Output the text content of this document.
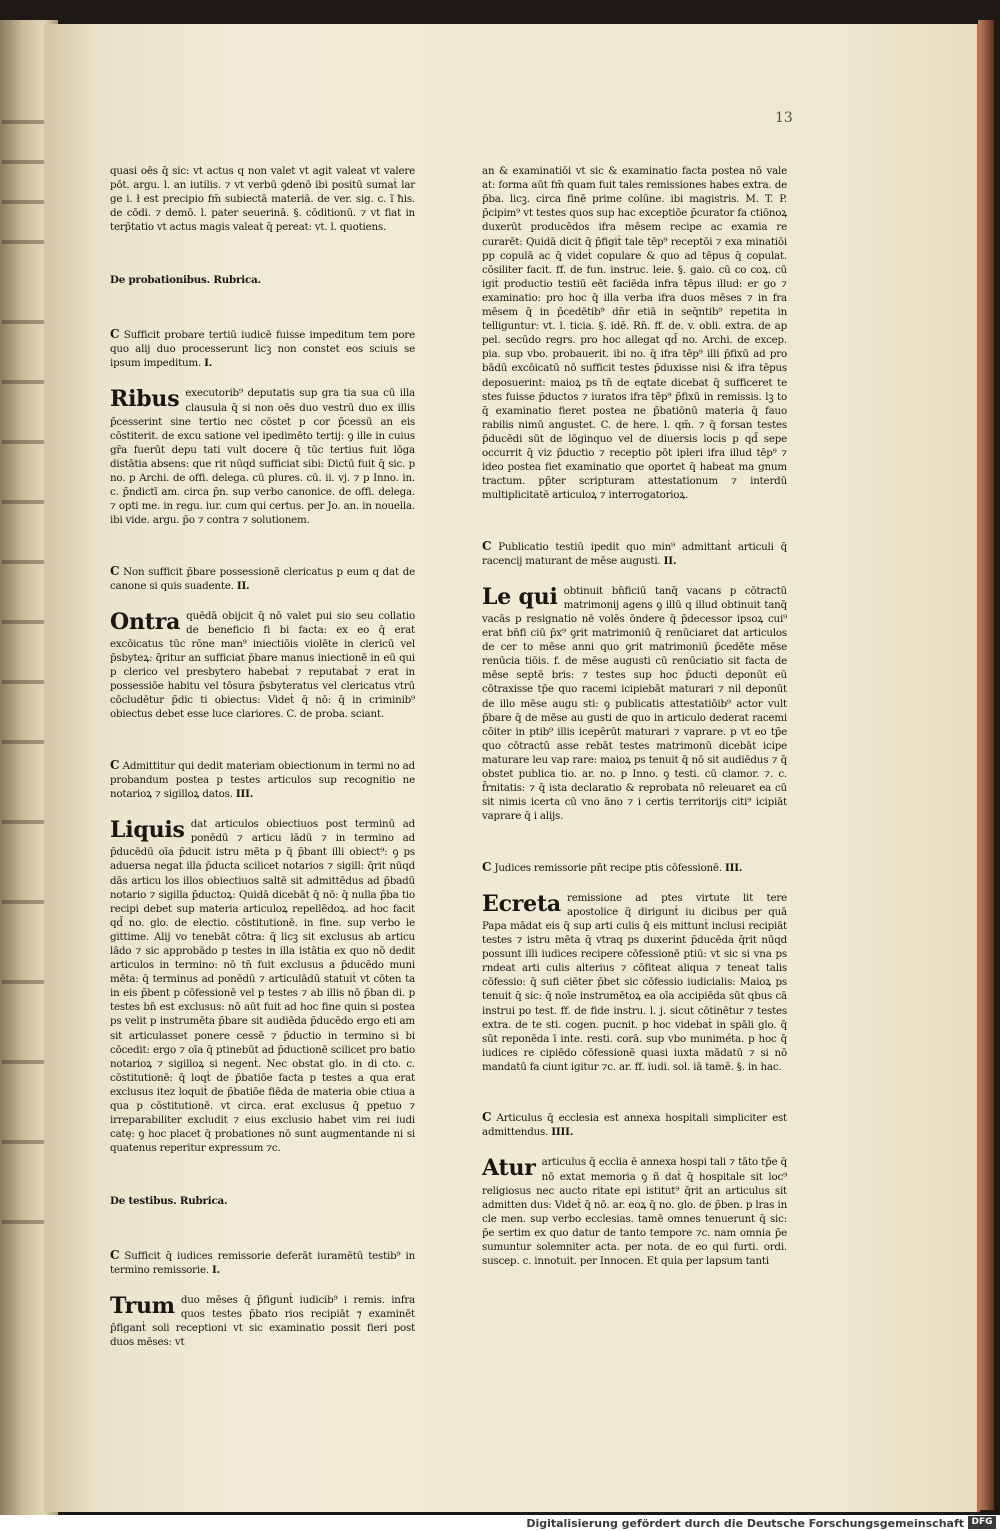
13

quasi oēs q̄ sic: vt actus q non valet vt agit valeat vt valere pōt. argu. l. an iutilis. ⁊ vt verbū ꝯdenō ibi positū sumaṫ lar ge i. ł est precipio fm̄ subiectā materiā. de ver. sig. c. ĩ ħis. de cōdi. ⁊ demō. l. pater seuerinā. §. cōditionū. ⁊ vt fiat in terp̄tatio vt actus magis valeat q̄ pereat: vt. l. quotiens.

De probationibus. Rubrica.

C Sufficit probare tertiū iudicē fuisse impeditum tem pore quo alij duo processerunt licꝫ non constet eos sciuis se ipsum impeditum. I.

Ribus executorib⁹ deputatis sup gra tia sua cū illa clausula q̄ si non oēs duo vestrū duo ex illis p̄cesserint sine tertio nec cōstet p cor p̄cessū an eis cōstiterit. de excu satione vel ipedimēto tertij: ꝯ ille in cuius gr̄a fuerūt depu tati vult docere q̄ tūc tertius fuit lōga distātia absens: que rit nūqd sufficiat sibi: Dictū fuit q̄ sic. p no. p Archi. de offi. delega. cū plures. cū. ii. vj. ⁊ p Inno. in. c. p̄ndictī am. circa p̄n. sup verbo canonice. de offi. delega. ⁊ opti me. in regu. iur. cum qui certus. per Jo. an. in nouella. ibi vide. argu. p̄o ⁊ contra ⁊ solutionem.

C Non sufficit p̄bare possessionē clericatus p eum q dat de canone si quis suadente. II.

Ontra quēdā obijcit q̄ nō valet pui sio seu collatio de beneficio fi bi facta: ex eo q̄ erat excōicatus tūc rōne man⁹ iniectiōis violēte in clericū vel p̄sbyteꝝ: q̄ritur an sufficiat p̄bare manus iniectionē in eū qui p clerico vel presbytero habebaṫ ⁊ reputabaṫ ⁊ erat in possessiōe habitu vel tōsura p̄sbyteratus vel clericatus vtrū cōcludētur p̄dic ti obiectus: Videṫ q̄ nō: q̄ in criminib⁹ obiectus debet esse luce clariores. C. de proba. sciant.

C Admittitur qui dedit materiam obiectionum in termi no ad probandum postea p testes articulos sup recognitio ne notarioꝝ ⁊ sigilloꝝ datos. III.

Liquis dat articulos obiectiuos post terminū ad ponēdū ⁊ articu lādū ⁊ in termino ad p̄ducēdū oīa p̄ducit istru mēta p q̄ p̄bant illi obiect⁹: ꝯ ps aduersa negat illa p̄ducta scilicet notarios ⁊ sigill: q̄rit nūqd dās articu los illos obiectiuos saltē sit admittēdus ad p̄badū notario ⁊ sigilla p̄ductoꝝ: Quidā dicebāt q̄ nō: q̄ nulla p̄ba tio recipi debet sup materia articuloꝝ repellēdoꝝ. ad hoc facit qd̄ no. glo. de electio. cōstitutionē. in fine. sup verbo le gittime. Alij vo tenebāt cōtra: q̄ licꝫ sit exclusus ab articu lādo ⁊ sic approbādo p testes in illa istātia ex quo nō dedit articulos in termino: nō tn̄ fuit exclusus a p̄ducēdo muni mēta: q̄ terminus ad ponēdū ⁊ articulādū statuiṫ vt cōten ta in eis p̄bent p cōfessionē vel p testes ⁊ ab illis nō p̄ban di. p testes bn̄ est exclusus: nō aūt fuit ad hoc fine quin si postea ps velit p instrumēta p̄bare sit audiēda p̄ducēdo ergo eti am sit articulasset ponere cessē ⁊ p̄ductio in termino si bi cōcedit: ergo ⁊ oīa q̄ ptinebūt ad p̄ductionē scilicet pro batio notarioꝝ ⁊ sigilloꝝ si negenṫ. Nec obstat glo. in di cto. c. cōstitutionē: q̄ loqṫ de p̄batiōe facta p testes a qua erat exclusus itez loquiṫ de p̄batiōe fiēda de materia obie ctiua a qua p cōstitutionē. vt circa. erat exclusus q̄ ppetuo ⁊ irreparabiliter excludit ⁊ eius exclusio habet vim rei iudi catę: ꝯ hoc placet q̄ probationes nō sunt augmentande ni si quatenus reperitur expressum ⁊c.

De testibus. Rubrica.

C Sufficit q̄ iudices remissorie deferāt iuramētū testib⁹ in termino remissorie. I.

Trum duo mēses q̄ p̄figunṫ iudicib⁹ i remis. infra quos testes p̄bato rios recipiāt ⁊ examinēt p̄figanṫ soli receptioni vt sic examinatio possit fieri post duos mēses: vt

an & examinatiōi vt sic & examinatio facta postea nō vale at: forma aūt fm̄ quam fuit tales remissiones habes extra. de p̄ba. licꝫ. circa finē prime colūne. ibi magistris. M. T. P. p̄cipim⁹ vt testes quos sup hac exceptiōe p̄curator fa ctiōnoꝝ duxerūt producēdos ifra mēsem recipe ac examia re curarēt: Quidā dicit q̄ p̄figiṫ tale tēp⁹ receptōi ⁊ exa minatiōi pp copulā ac q̄ videṫ copulare & quo ad tēpus q̄ copulat. cōsiliter facit. ff. de fun. instruc. leie. §. gaio. cū co coꝝ. cū igiṫ productio testiū eēt faciēda infra tēpus illud: er go ⁊ examinatio: pro hoc q̄ illa verba ifra duos mēses ⁊ in fra mēsem q̄ in p̄cedētib⁹ dn̄r etiā in seq̄ntib⁹ repetita in telliguntur: vt. l. ticia. §. idē. Rn̄. ff. de. v. obli. extra. de ap pel. secūdo regrs. pro hoc allegat qd̄ no. Archi. de excep. pia. sup vbo. probauerit. ibi no. q̄ ifra tēp⁹ illi p̄fixū ad pro bādū excōicatū nō sufficit testes p̄duxisse nisi & ifra tēpus deposuerint: maioꝝ ps tn̄ de eqtate dicebat q̄ sufficeret te stes fuisse p̄ductos ⁊ iuratos ifra tēp⁹ p̄fixū in remissis. lꝫ to q̄ examinatio fieret postea ne p̄batiōnū materia q̄ fauo rabilis nimū angustet. C. de here. l. qm̄. ⁊ q̄ forsan testes p̄ducēdi sūt de lōginquo vel de diuersis locis p qd̄ sepe occurrit q̄ viz p̄ductio ⁊ receptio pōt ipleri ifra illud tēp⁹ ⁊ ideo postea fiet examinatio que oportet q̄ habeat ma gnum tractum. pp̄ter scripturam attestationum ⁊ interdū multiplicitatē articuloꝝ ⁊ interrogatorioꝝ.

C Publicatio testiū ipedit quo min⁹ admittanṫ articuli q̄ racencij maturant de mēse augusti. II.

Le qui obtinuit bn̄ficiū tanq̄ vacans p cōtractū matrimonij agens ꝯ illū q illud obtinuit tanq̄ vacās p resignatio nē volēs ōndere q̄ p̄decessor ipsoꝝ cui⁹ erat bn̄fi ciū p̄x⁹ ꝯrit matrimoniū q̄ renūciaret dat articulos de cer to mēse anni quo ꝯrit matrimoniū p̄cedēte mēse renūcia tiōis. f. de mēse augusti cū renūciatio sit facta de mēse septē bris: ⁊ testes sup hoc p̄ducti deponūt eū cōtraxisse tp̄e quo racemi icipiebāt maturari ⁊ nil deponūt de illo mēse augu sti: ꝯ publicatis attestatiōib⁹ actor vult p̄bare q̄ de mēse au gusti de quo in articulo dederat racemi cōiter in ptib⁹ illis icepērūt maturari ⁊ vaprare. p vt eo tp̄e quo cōtractū asse rebāt testes matrimonū dicebāt icipe maturare leu vap rare: maioꝝ ps tenuit q̄ nō sit audiēdus ⁊ q̄ obstet publica tio. ar. no. p Inno. ꝯ testi. cū clamor. ⁊. c. f̄rnitatis: ⁊ q̄ ista declaratio & reprobata nō releuaret ea cū sit nimis icerta cū vno āno ⁊ i certis territorijs citi⁹ icipiāt vaprare q̄ i alijs.

C Judices remissorie pn̄t recipe ptis cōfessionē. III.

Ecreta remissione ad ptes virtute lit tere apostolice q̄ dirigunṫ iu dicibus per quā Papa mādat eis q̄ sup arti culis q̄ eis mittunṫ inclusi recipiāt testes ⁊ istru mēta q̄ vtraq ps duxerint p̄ducēda q̄rit nūqd possunt illi iudices recipere cōfessionē ptiū: vt sic si vna ps rndeat arti culis alterius ⁊ cōfiteat aliqua ⁊ teneat talis cōfessio: q̄ sufi ciēter p̄bet sic cōfessio iudicialis: Maioꝝ ps tenuit q̄ sic: q̄ noīe instrumētoꝝ ea oīa accipiēda sūt qbus cā instrui po test. ff. de fide instru. l. j. sicut cōtinētur ⁊ testes extra. de te sti. cogen. pucnit. p hoc videbaṫ in spāli glo. q̄ sūt reponēda ī inte. resti. corā. sup vbo muniméta. p hoc q̄ iudices re cipiēdo cōfessionē quasi iuxta mādatū ⁊ si nō mandatū fa ciunt igitur ⁊c. ar. ff. iudi. sol. iā tamē. §. in hac.

C Articulus q̄ ecclesia est annexa hospitali simpliciter est admittendus. IIII.

Atur articulus q̄ ecclia ē annexa hospi tali ⁊ tāto tp̄e q̄ nō extat memoria ꝯ ñ daṫ q̄ hospitale sit loc⁹ religiosus nec aucto ritate epi istitut⁹ q̄rit an articulus sit admitten dus: Videṫ q̄ nō. ar. eoꝝ q̄ no. glo. de p̄ben. p lras in cle men. sup verbo ecclesias. tamē omnes tenuerunt q̄ sic: p̄e sertim ex quo datur de tanto tempore ⁊c. nam omnia p̄e sumuntur solemniter acta. per nota. de eo qui furti. ordi. suscep. c. innotuit. per Innocen. Et quia per lapsum tanti

Digitalisierung gefördert durch die Deutsche Forschungsgemeinschaft DFG
